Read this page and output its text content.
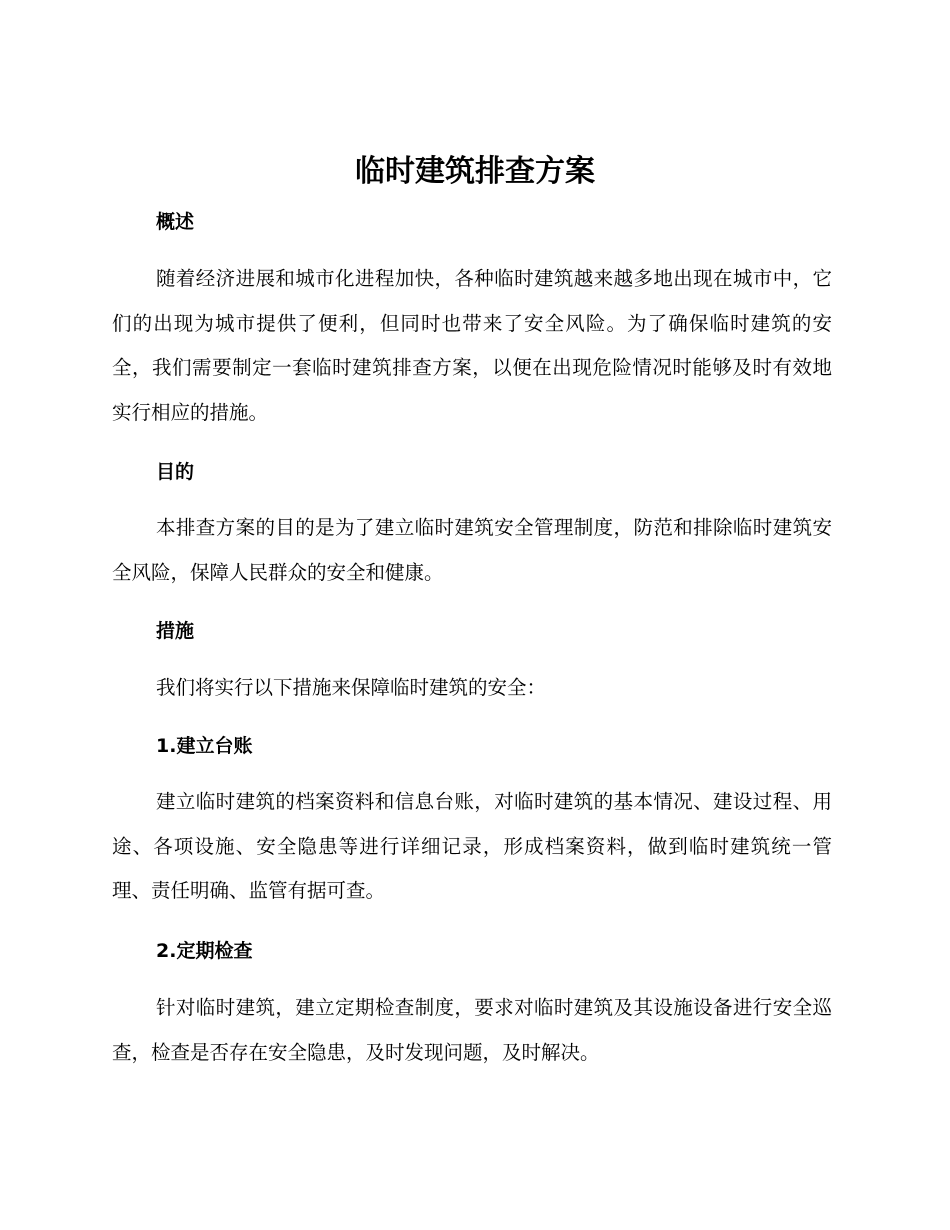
临时建筑排查方案
概述
随着经济进展和城市化进程加快，各种临时建筑越来越多地出现在城市中，它们的出现为城市提供了便利，但同时也带来了安全风险。为了确保临时建筑的安全，我们需要制定一套临时建筑排查方案，以便在出现危险情况时能够及时有效地实行相应的措施。
目的
本排查方案的目的是为了建立临时建筑安全管理制度，防范和排除临时建筑安全风险，保障人民群众的安全和健康。
措施
我们将实行以下措施来保障临时建筑的安全：
1.建立台账
建立临时建筑的档案资料和信息台账，对临时建筑的基本情况、建设过程、用途、各项设施、安全隐患等进行详细记录，形成档案资料，做到临时建筑统一管理、责任明确、监管有据可查。
2.定期检查
针对临时建筑，建立定期检查制度，要求对临时建筑及其设施设备进行安全巡查，检查是否存在安全隐患，及时发现问题，及时解决。
